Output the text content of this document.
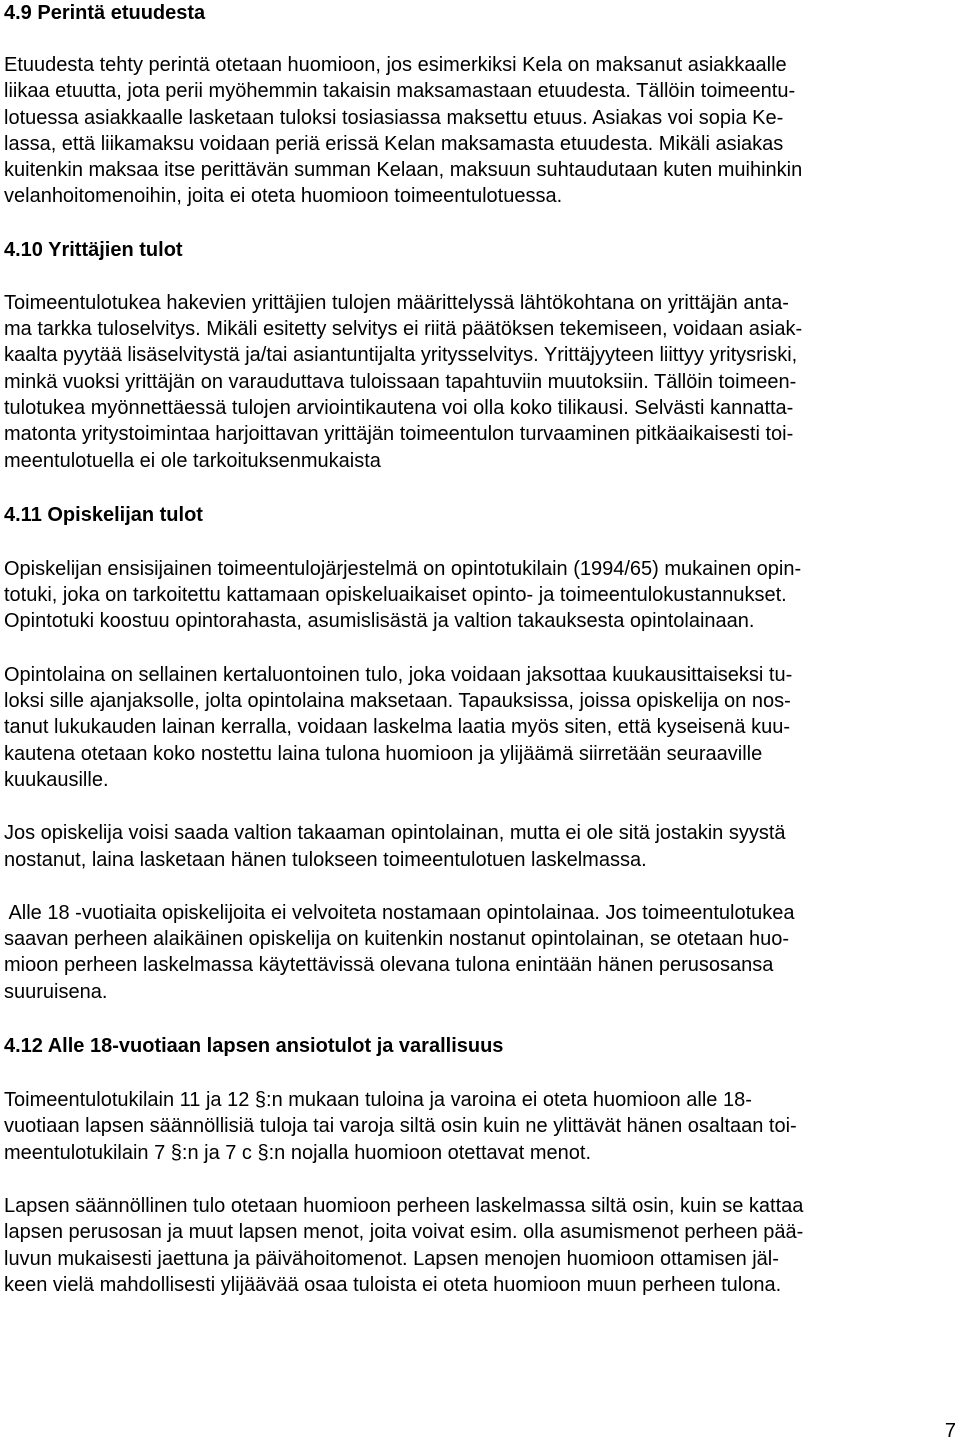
4.9 Perintä etuudesta
Etuudesta tehty perintä otetaan huomioon, jos esimerkiksi Kela on maksanut asiakkaalle
liikaa etuutta, jota perii myöhemmin takaisin maksamastaan etuudesta. Tällöin toimeentu-
lotuessa asiakkaalle lasketaan tuloksi tosiasiassa maksettu etuus. Asiakas voi sopia Ke-
lassa, että liikamaksu voidaan periä erissä Kelan maksamasta etuudesta. Mikäli asiakas
kuitenkin maksaa itse perittävän summan Kelaan, maksuun suhtaudutaan kuten muihinkin
velanhoitomenoihin, joita ei oteta huomioon toimeentulotuessa.
4.10 Yrittäjien tulot
Toimeentulotukea hakevien yrittäjien tulojen määrittelyssä lähtökohtana on yrittäjän anta-
ma tarkka tuloselvitys. Mikäli esitetty selvitys ei riitä päätöksen tekemiseen, voidaan asiak-
kaalta pyytää lisäselvitystä ja/tai asiantuntijalta yritysselvitys. Yrittäjyyteen liittyy yritysriski,
minkä vuoksi yrittäjän on varauduttava tuloissaan tapahtuviin muutoksiin. Tällöin toimeen-
tulotukea myönnettäessä tulojen arviointikautena voi olla koko tilikausi. Selvästi kannatta-
matonta yritystoimintaa harjoittavan yrittäjän toimeentulon turvaaminen pitkäaikaisesti toi-
meentulotuella ei ole tarkoituksenmukaista
4.11 Opiskelijan tulot
Opiskelijan ensisijainen toimeentulojärjestelmä on opintotukilain (1994/65) mukainen opin-
totuki, joka on tarkoitettu kattamaan opiskeluaikaiset opinto- ja toimeentulokustannukset.
Opintotuki koostuu opintorahasta, asumislisästä ja valtion takauksesta opintolainaan.
Opintolaina on sellainen kertaluontoinen tulo, joka voidaan jaksottaa kuukausittaiseksi tu-
loksi sille ajanjaksolle, jolta opintolaina maksetaan. Tapauksissa, joissa opiskelija on nos-
tanut lukukauden lainan kerralla, voidaan laskelma laatia myös siten, että kyseisenä kuu-
kautena otetaan koko nostettu laina tulona huomioon ja ylijäämä siirretään seuraaville
kuukausille.
Jos opiskelija voisi saada valtion takaaman opintolainan, mutta ei ole sitä jostakin syystä
nostanut, laina lasketaan hänen tulokseen toimeentulotuen laskelmassa.
Alle 18 -vuotiaita opiskelijoita ei velvoiteta nostamaan opintolainaa. Jos toimeentulotukea
saavan perheen alaikäinen opiskelija on kuitenkin nostanut opintolainan, se otetaan huo-
mioon perheen laskelmassa käytettävissä olevana tulona enintään hänen perusosansa
suuruisena.
4.12 Alle 18-vuotiaan lapsen ansiotulot ja varallisuus
Toimeentulotukilain 11 ja 12 §:n mukaan tuloina ja varoina ei oteta huomioon alle 18-
vuotiaan lapsen säännöllisiä tuloja tai varoja siltä osin kuin ne ylittävät hänen osaltaan toi-
meentulotukilain 7 §:n ja 7 c §:n nojalla huomioon otettavat menot.
Lapsen säännöllinen tulo otetaan huomioon perheen laskelmassa siltä osin, kuin se kattaa
lapsen perusosan ja muut lapsen menot, joita voivat esim. olla asumismenot perheen pää-
luvun mukaisesti jaettuna ja päivähoitomenot. Lapsen menojen huomioon ottamisen jäl-
keen vielä mahdollisesti ylijäävää osaa tuloista ei oteta huomioon muun perheen tulona.
7
